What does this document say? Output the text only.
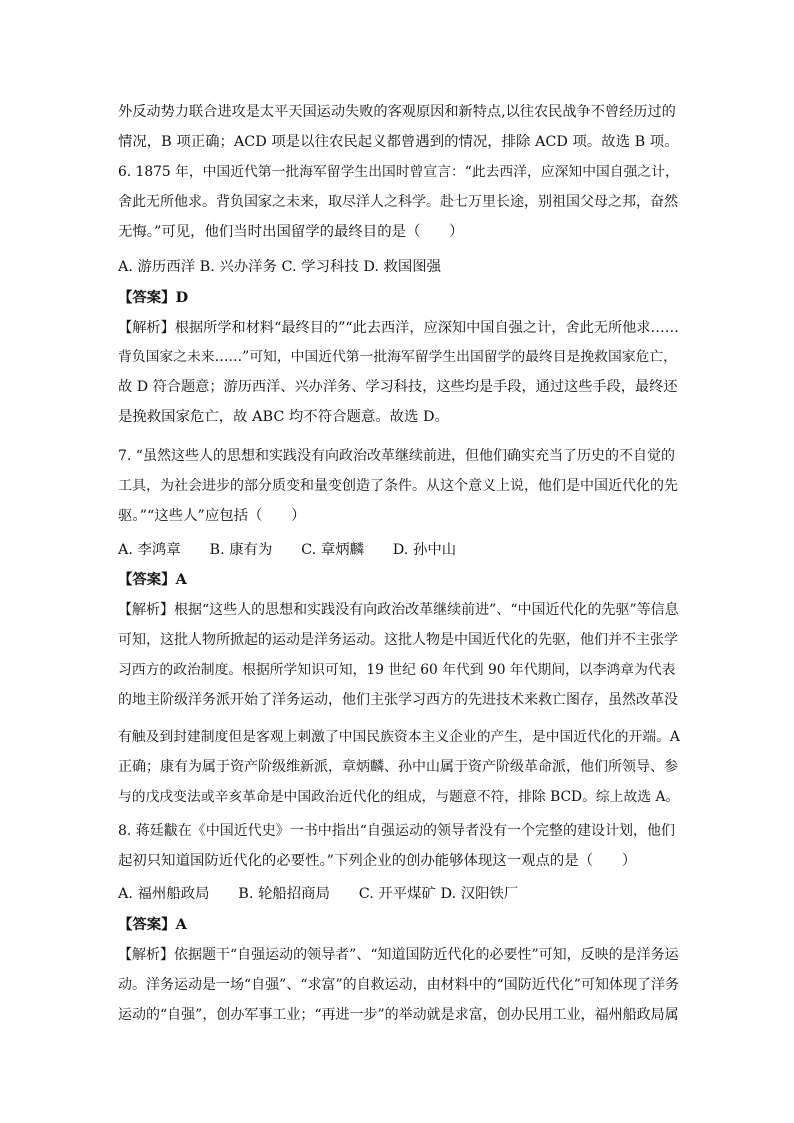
外反动势力联合进攻是太平天国运动失败的客观原因和新特点,以往农民战争不曾经历过的
情况，B 项正确；ACD 项是以往农民起义都曾遇到的情况，排除 ACD 项。故选 B 项。
6. 1875 年，中国近代第一批海军留学生出国时曾宣言：“此去西洋，应深知中国自强之计，
舍此无所他求。背负国家之未来，取尽洋人之科学。赴七万里长途，别祖国父母之邦，奋然
无悔。”可见，他们当时出国留学的最终目的是（　　）
A. 游历西洋 B. 兴办洋务 C. 学习科技 D. 救国图强
【答案】D
【解析】根据所学和材料“最终目的”“此去西洋，应深知中国自强之计，舍此无所他求……
背负国家之未来……”可知，中国近代第一批海军留学生出国留学的最终目是挽救国家危亡，
故 D 符合题意；游历西洋、兴办洋务、学习科技，这些均是手段，通过这些手段，最终还
是挽救国家危亡，故 ABC 均不符合题意。故选 D。
7. “虽然这些人的思想和实践没有向政治改革继续前进，但他们确实充当了历史的不自觉的
工具，为社会进步的部分质变和量变创造了条件。从这个意义上说，他们是中国近代化的先
驱。”“这些人”应包括（　　）
A. 李鸿章　　B. 康有为　　C. 章炳麟　　D. 孙中山
【答案】A
【解析】根据“这些人的思想和实践没有向政治改革继续前进”、“中国近代化的先驱”等信息
可知，这批人物所掀起的运动是洋务运动。这批人物是中国近代化的先驱，他们并不主张学
习西方的政治制度。根据所学知识可知，19 世纪 60 年代到 90 年代期间，以李鸿章为代表
的地主阶级洋务派开始了洋务运动，他们主张学习西方的先进技术来救亡图存，虽然改革没
有触及到封建制度但是客观上刺激了中国民族资本主义企业的产生，是中国近代化的开端。A
正确；康有为属于资产阶级维新派，章炳麟、孙中山属于资产阶级革命派，他们所领导、参
与的戊戌变法或辛亥革命是中国政治近代化的组成，与题意不符，排除 BCD。综上故选 A。
8. 蒋廷黻在《中国近代史》一书中指出“自强运动的领导者没有一个完整的建设计划，他们
起初只知道国防近代化的必要性。”下列企业的创办能够体现这一观点的是（　　）
A. 福州船政局　　B. 轮船招商局　　C. 开平煤矿 D. 汉阳铁厂
【答案】A
【解析】依据题干“自强运动的领导者”、“知道国防近代化的必要性”可知，反映的是洋务运
动。洋务运动是一场“自强”、“求富”的自救运动，由材料中的“国防近代化”可知体现了洋务
运动的“自强”，创办军事工业；“再进一步”的举动就是求富，创办民用工业，福州船政局属
